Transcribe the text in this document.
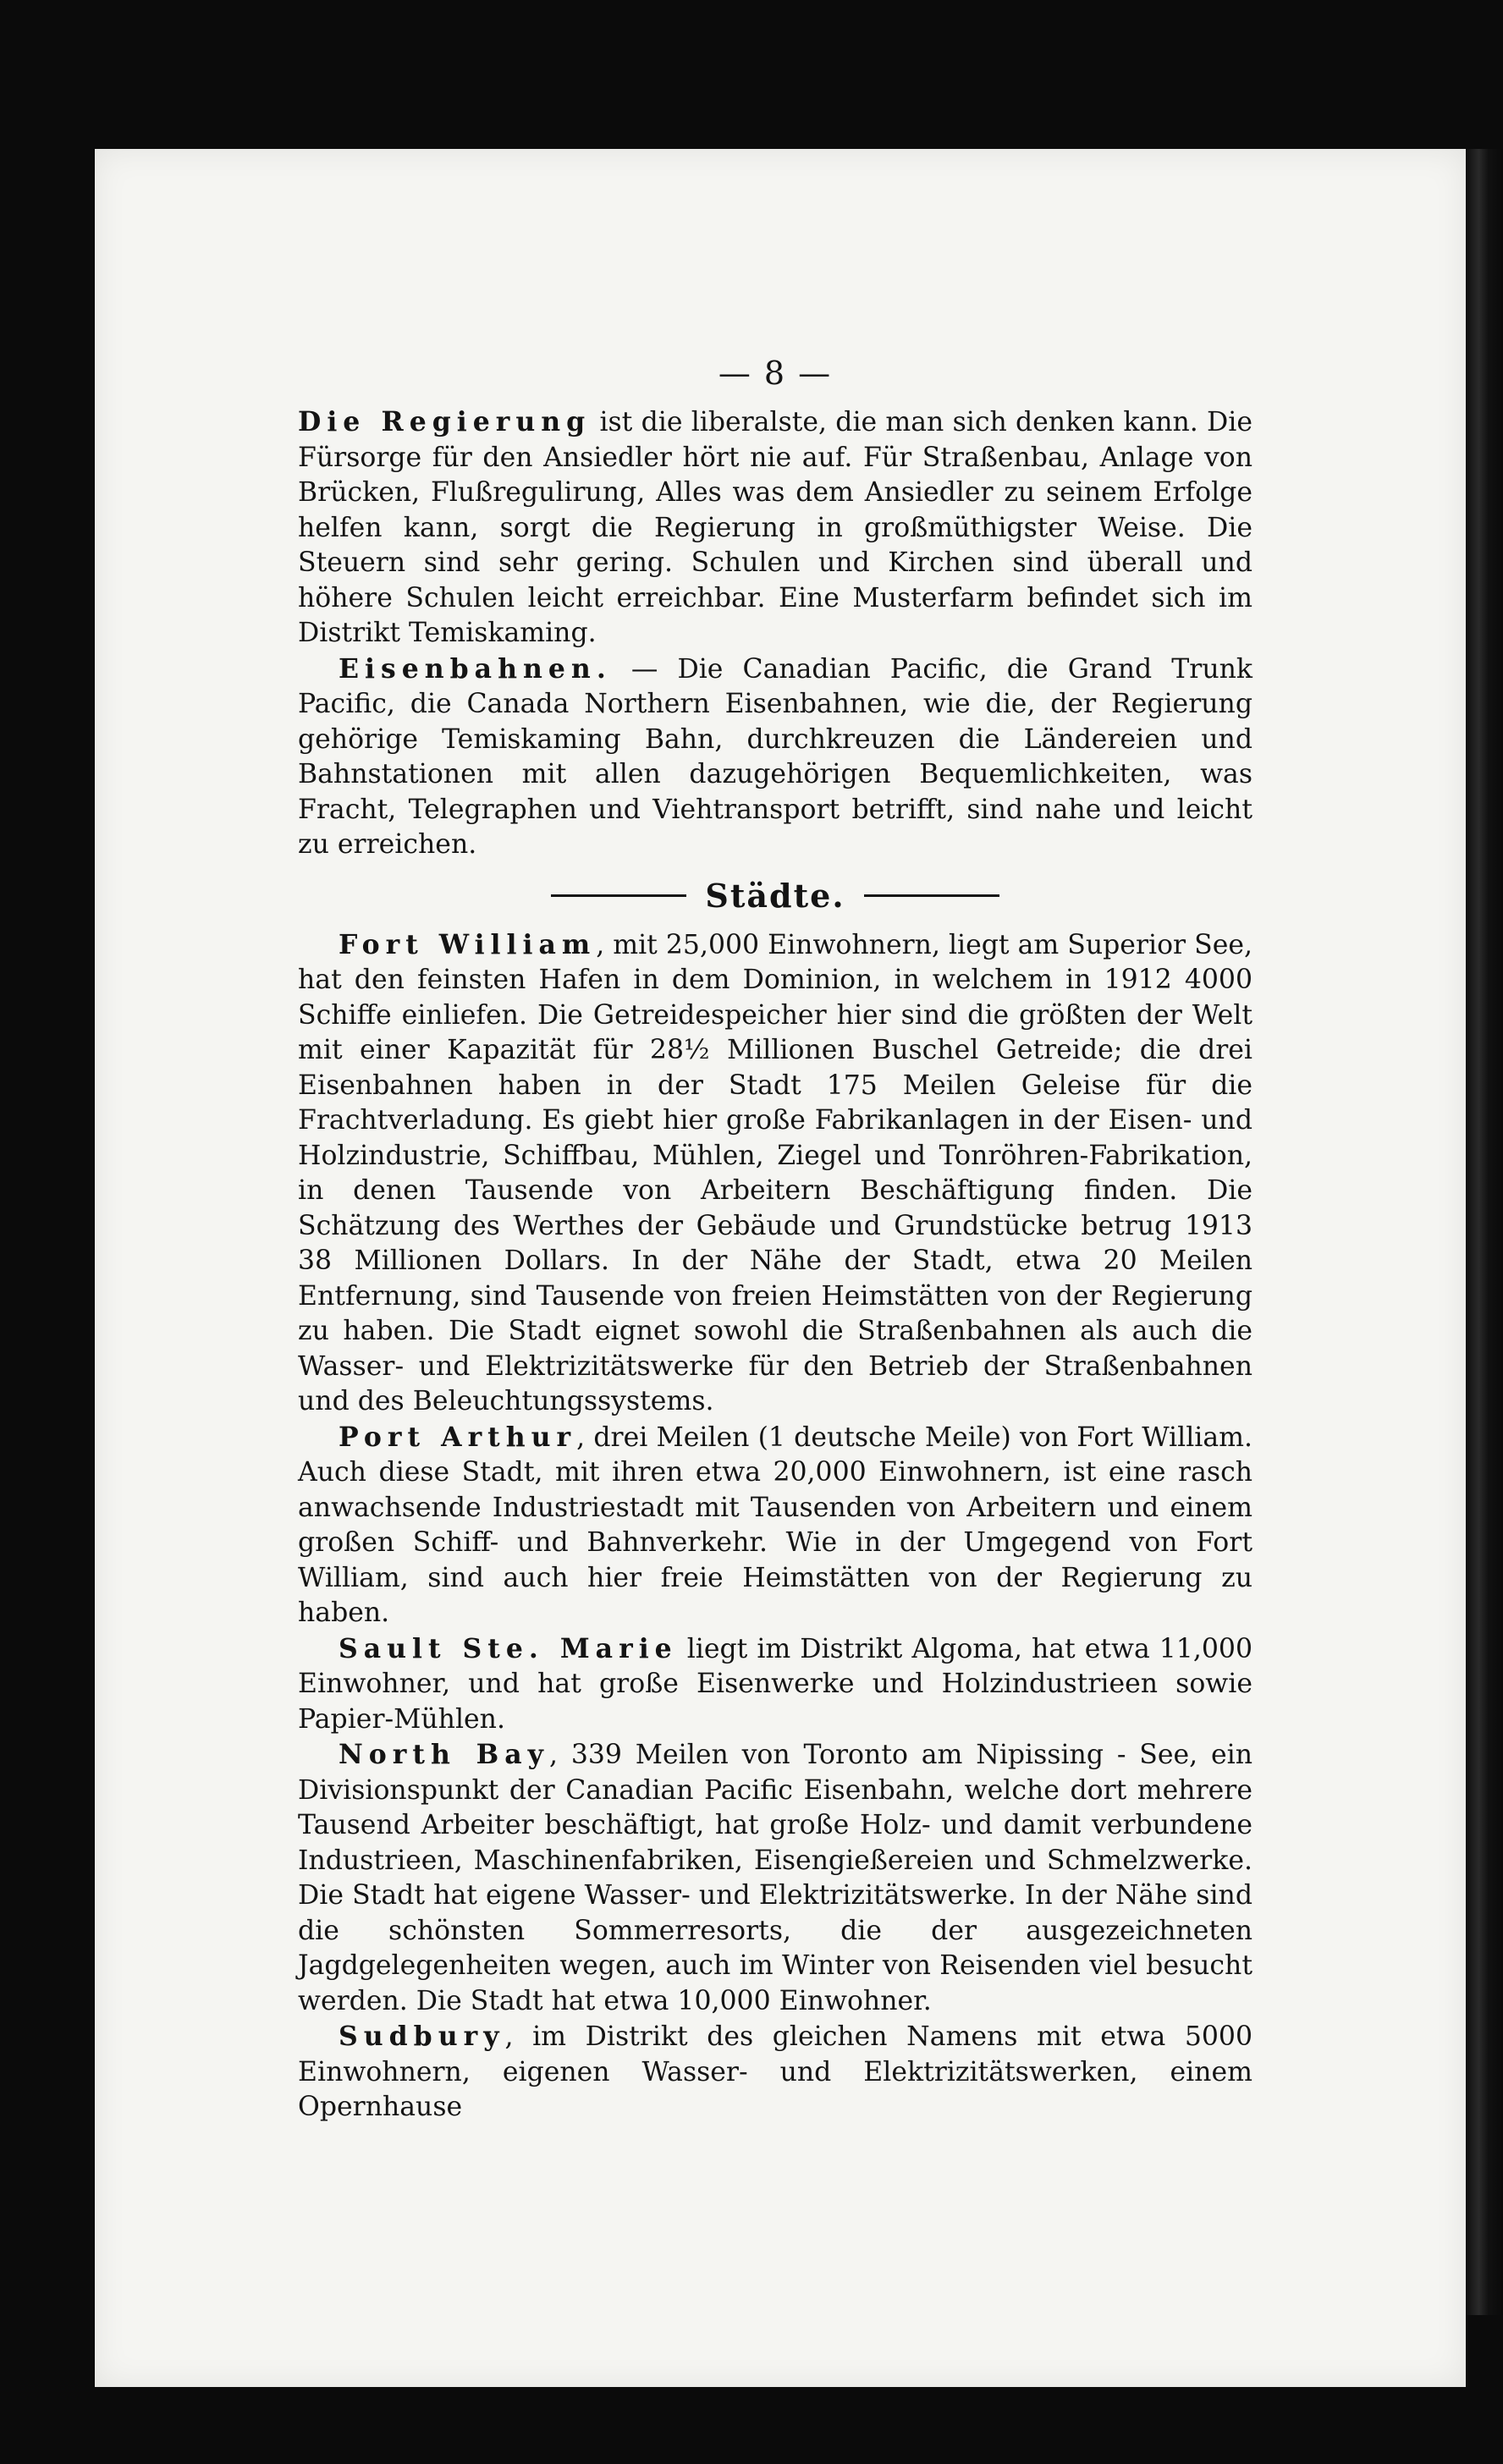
— 8 —

Die Regierung ist die liberalste, die man sich denken kann. Die Fürsorge für den Ansiedler hört nie auf. Für Straßenbau, Anlage von Brücken, Flußregulirung, Alles was dem Ansiedler zu seinem Erfolge helfen kann, sorgt die Regierung in großmüthigster Weise. Die Steuern sind sehr gering. Schulen und Kirchen sind überall und höhere Schulen leicht erreichbar. Eine Musterfarm befindet sich im Distrikt Temiskaming.

Eisenbahnen. — Die Canadian Pacific, die Grand Trunk Pacific, die Canada Northern Eisenbahnen, wie die, der Regierung gehörige Temiskaming Bahn, durchkreuzen die Ländereien und Bahnstationen mit allen dazugehörigen Bequemlichkeiten, was Fracht, Telegraphen und Viehtransport betrifft, sind nahe und leicht zu erreichen.

Städte.

Fort William, mit 25,000 Einwohnern, liegt am Superior See, hat den feinsten Hafen in dem Dominion, in welchem in 1912 4000 Schiffe einliefen. Die Getreidespeicher hier sind die größten der Welt mit einer Kapazität für 28½ Millionen Buschel Getreide; die drei Eisenbahnen haben in der Stadt 175 Meilen Geleise für die Frachtverladung. Es giebt hier große Fabrikanlagen in der Eisen- und Holzindustrie, Schiffbau, Mühlen, Ziegel und Tonröhren-Fabrikation, in denen Tausende von Arbeitern Beschäftigung finden. Die Schätzung des Werthes der Gebäude und Grundstücke betrug 1913 38 Millionen Dollars. In der Nähe der Stadt, etwa 20 Meilen Entfernung, sind Tausende von freien Heimstätten von der Regierung zu haben. Die Stadt eignet sowohl die Straßenbahnen als auch die Wasser- und Elektrizitätswerke für den Betrieb der Straßenbahnen und des Beleuchtungssystems.

Port Arthur, drei Meilen (1 deutsche Meile) von Fort William. Auch diese Stadt, mit ihren etwa 20,000 Einwohnern, ist eine rasch anwachsende Industriestadt mit Tausenden von Arbeitern und einem großen Schiff- und Bahnverkehr. Wie in der Umgegend von Fort William, sind auch hier freie Heimstätten von der Regierung zu haben.

Sault Ste. Marie liegt im Distrikt Algoma, hat etwa 11,000 Einwohner, und hat große Eisenwerke und Holzindustrieen sowie Papier-Mühlen.

North Bay, 339 Meilen von Toronto am Nipissing - See, ein Divisionspunkt der Canadian Pacific Eisenbahn, welche dort mehrere Tausend Arbeiter beschäftigt, hat große Holz- und damit verbundene Industrieen, Maschinenfabriken, Eisengießereien und Schmelzwerke. Die Stadt hat eigene Wasser- und Elektrizitätswerke. In der Nähe sind die schönsten Sommerresorts, die der ausgezeichneten Jagdgelegenheiten wegen, auch im Winter von Reisenden viel besucht werden. Die Stadt hat etwa 10,000 Einwohner.

Sudbury, im Distrikt des gleichen Namens mit etwa 5000 Einwohnern, eigenen Wasser- und Elektrizitätswerken, einem Opernhause
